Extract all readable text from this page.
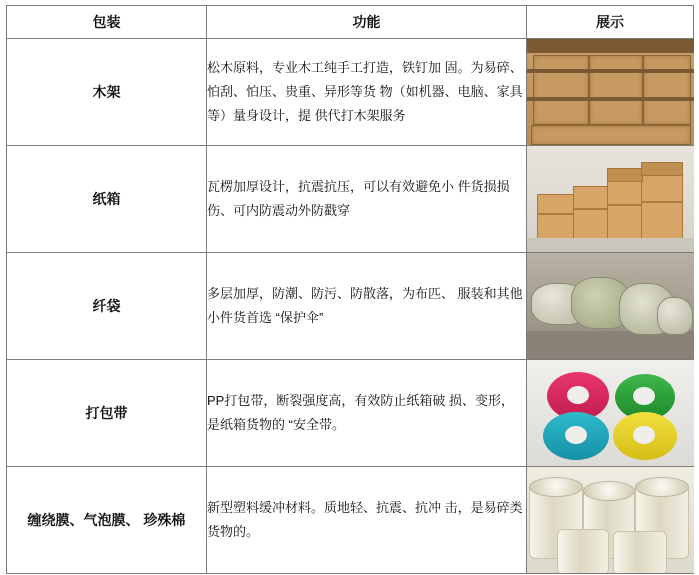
包装	功能	展示
木架	松木原料，专业木工纯手工打造，铁钉加 固。为易碎、怕刮、怕压、贵重、异形等货 物（如机器、电脑、家具等）量身设计，提 供代打木架服务	

纸箱	瓦楞加厚设计，抗震抗压，可以有效避免小 件货损损伤、可内防震动外防戳穿	

纤袋	多层加厚，防潮、防污、防散落，为布匹、 服装和其他小件货首选 “保护伞”	

打包带	PP打包带，断裂强度高，有效防止纸箱破 损、变形，是纸箱货物的 “安全带。	

缠绕膜、气泡膜、 珍殊棉	新型塑料缓冲材料。质地轻、抗震、抗冲 击，是易碎类货物的。	
